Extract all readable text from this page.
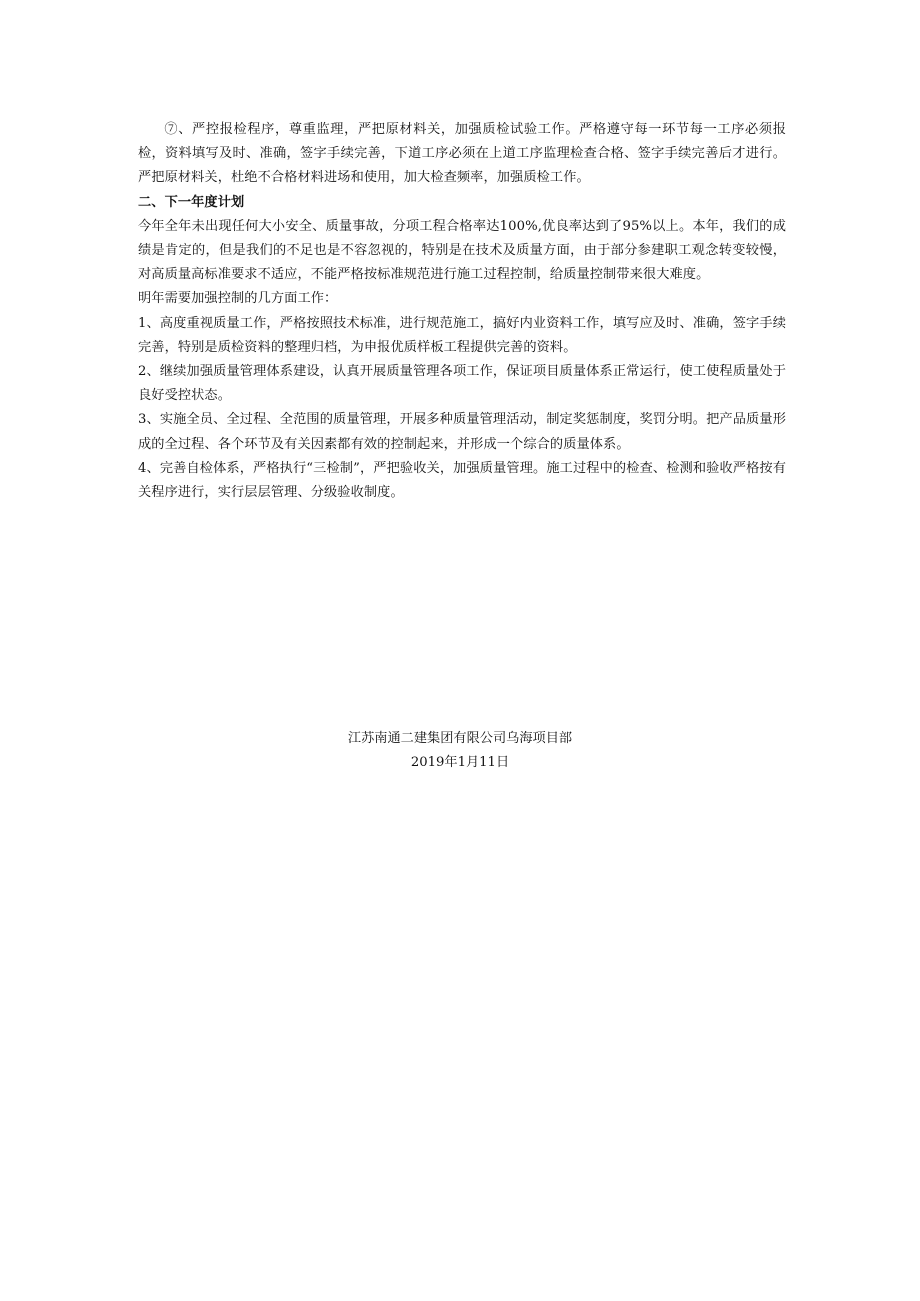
⑦、严控报检程序，尊重监理，严把原材料关，加强质检试验工作。严格遵守每一环节每一工序必须报检，资料填写及时、准确，签字手续完善，下道工序必须在上道工序监理检查合格、签字手续完善后才进行。严把原材料关，杜绝不合格材料进场和使用，加大检查频率，加强质检工作。

二、下一年度计划

今年全年未出现任何大小安全、质量事故，分项工程合格率达100%,优良率达到了95%以上。本年，我们的成绩是肯定的，但是我们的不足也是不容忽视的，特别是在技术及质量方面，由于部分参建职工观念转变较慢，对高质量高标准要求不适应，不能严格按标准规范进行施工过程控制，给质量控制带来很大难度。

明年需要加强控制的几方面工作：

1、高度重视质量工作，严格按照技术标准，进行规范施工，搞好内业资料工作，填写应及时、准确，签字手续完善，特别是质检资料的整理归档，为申报优质样板工程提供完善的资料。

2、继续加强质量管理体系建设，认真开展质量管理各项工作，保证项目质量体系正常运行，使工使程质量处于良好受控状态。

3、实施全员、全过程、全范围的质量管理，开展多种质量管理活动，制定奖惩制度，奖罚分明。把产品质量形成的全过程、各个环节及有关因素都有效的控制起来，并形成一个综合的质量体系。

4、完善自检体系，严格执行“三检制”，严把验收关，加强质量管理。施工过程中的检查、检测和验收严格按有关程序进行，实行层层管理、分级验收制度。

江苏南通二建集团有限公司乌海项目部
2019年1月11日
